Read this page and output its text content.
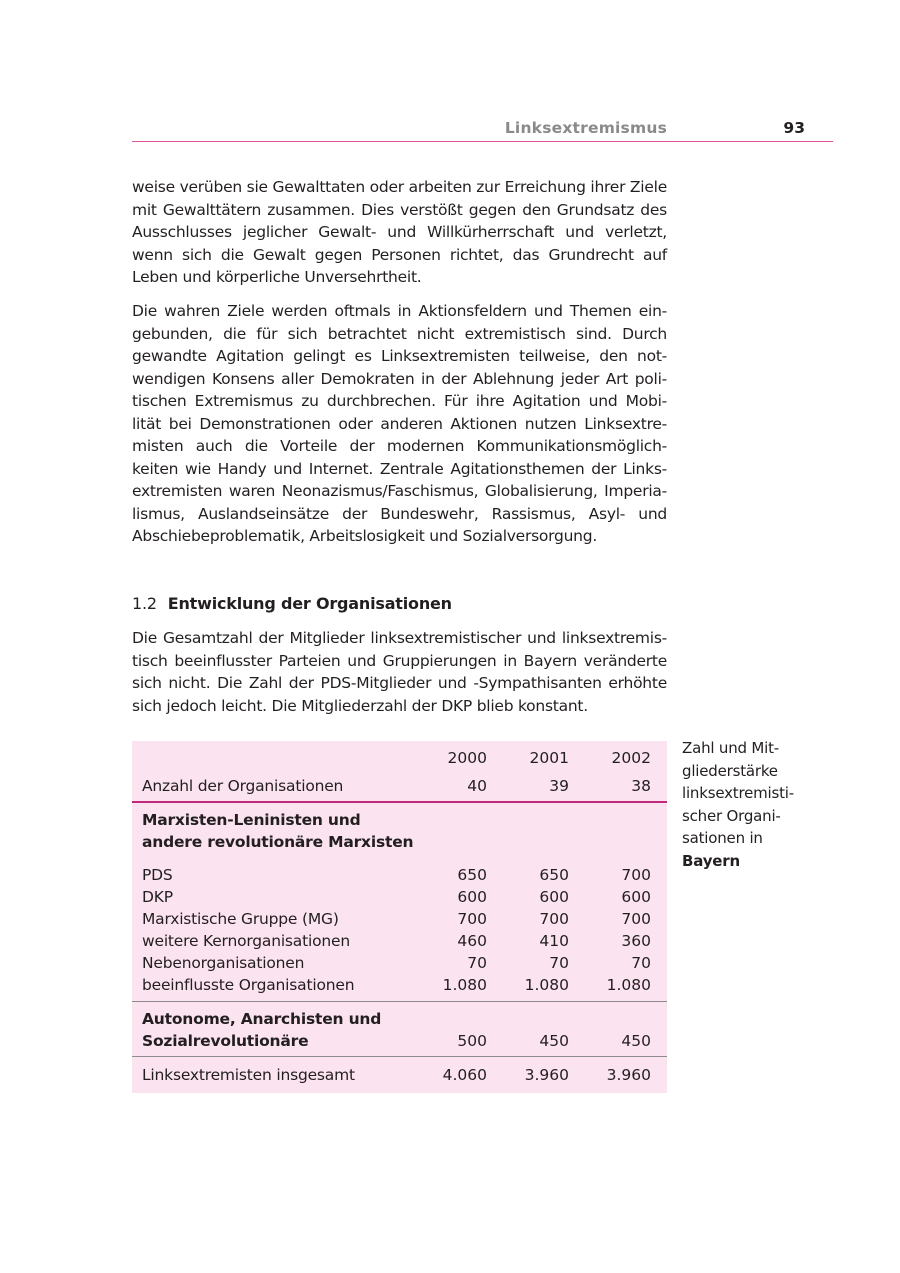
Linksextremismus	93

weise verüben sie Gewalttaten oder arbeiten zur Erreichung ihrer Ziele
mit Gewalttätern zusammen. Dies verstößt gegen den Grundsatz des
Ausschlusses jeglicher Gewalt- und Willkürherrschaft und verletzt,
wenn sich die Gewalt gegen Personen richtet, das Grundrecht auf
Leben und körperliche Unversehrtheit.

Die wahren Ziele werden oftmals in Aktionsfeldern und Themen ein-
gebunden, die für sich betrachtet nicht extremistisch sind. Durch
gewandte Agitation gelingt es Linksextremisten teilweise, den not-
wendigen Konsens aller Demokraten in der Ablehnung jeder Art poli-
tischen Extremismus zu durchbrechen. Für ihre Agitation und Mobi-
lität bei Demonstrationen oder anderen Aktionen nutzen Linksextre-
misten auch die Vorteile der modernen Kommunikationsmöglich-
keiten wie Handy und Internet. Zentrale Agitationsthemen der Links-
extremisten waren Neonazismus/Faschismus, Globalisierung, Imperia-
lismus, Auslandseinsätze der Bundeswehr, Rassismus, Asyl- und
Abschiebeproblematik, Arbeitslosigkeit und Sozialversorgung.

1.2 Entwicklung der Organisationen

Die Gesamtzahl der Mitglieder linksextremistischer und linksextremis-
tisch beeinflusster Parteien und Gruppierungen in Bayern veränderte
sich nicht. Die Zahl der PDS-Mitglieder und -Sympathisanten erhöhte
sich jedoch leicht. Die Mitgliederzahl der DKP blieb konstant.

2000	2001	2002
Anzahl der Organisationen	40	39	38
Marxisten-Leninisten und
andere revolutionäre Marxisten
PDS	650	650	700
DKP	600	600	600
Marxistische Gruppe (MG)	700	700	700
weitere Kernorganisationen	460	410	360
Nebenorganisationen	70	70	70
beeinflusste Organisationen	1.080	1.080	1.080
Autonome, Anarchisten und
Sozialrevolutionäre	500	450	450
Linksextremisten insgesamt	4.060	3.960	3.960
Zahl und Mit-
gliederstärke
linksextremisti-
scher Organi-
sationen in
Bayern
